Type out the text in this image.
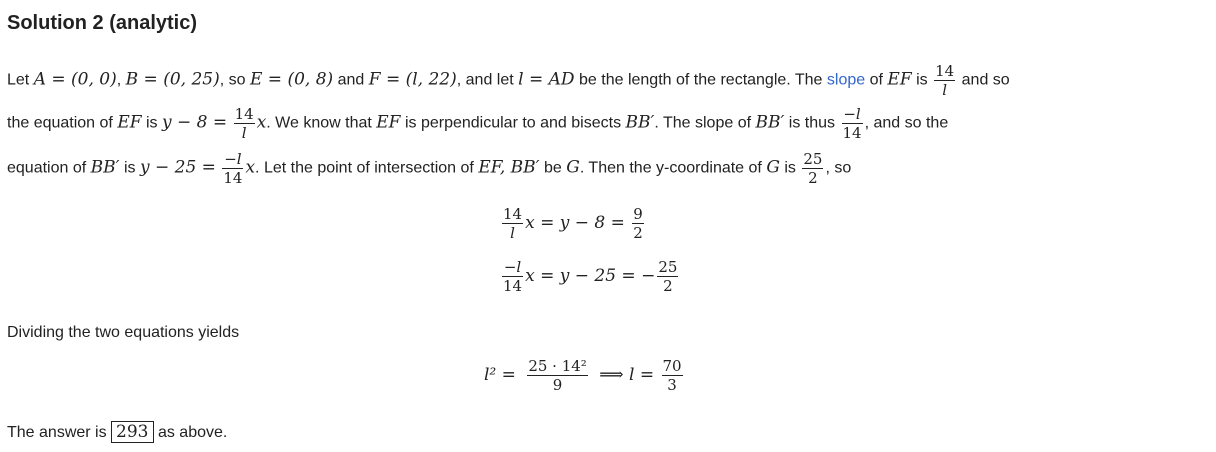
Solution 2 (analytic)
Let A = (0, 0), B = (0, 25), so E = (0, 8) and F = (l, 22), and let l = AD be the length of the rectangle. The slope of EF is $\frac{14}{l}$ and so
the equation of EF is $y - 8 = \frac{14}{l} x$. We know that EF is perpendicular to and bisects BB′. The slope of BB′ is thus $\frac{-l}{14}$ , and so the
equation of BB′ is $y - 25 = \frac{-l}{14} x$. Let the point of intersection of EF, BB′ be G. Then the y-coordinate of G is $\frac{25}{2}$ , so
$\frac{14}{l}$ $x = y - 8 = \frac{9}{2}$
$\frac{-l}{14}$ x = y − 25 = − $\frac{25}{2}$
Dividing the two equations yields
$l^2 = \frac{\text{25 · 14²}}{9}$ ⟹ $l = \frac{70}{3}$
The answer is 293 as above.
